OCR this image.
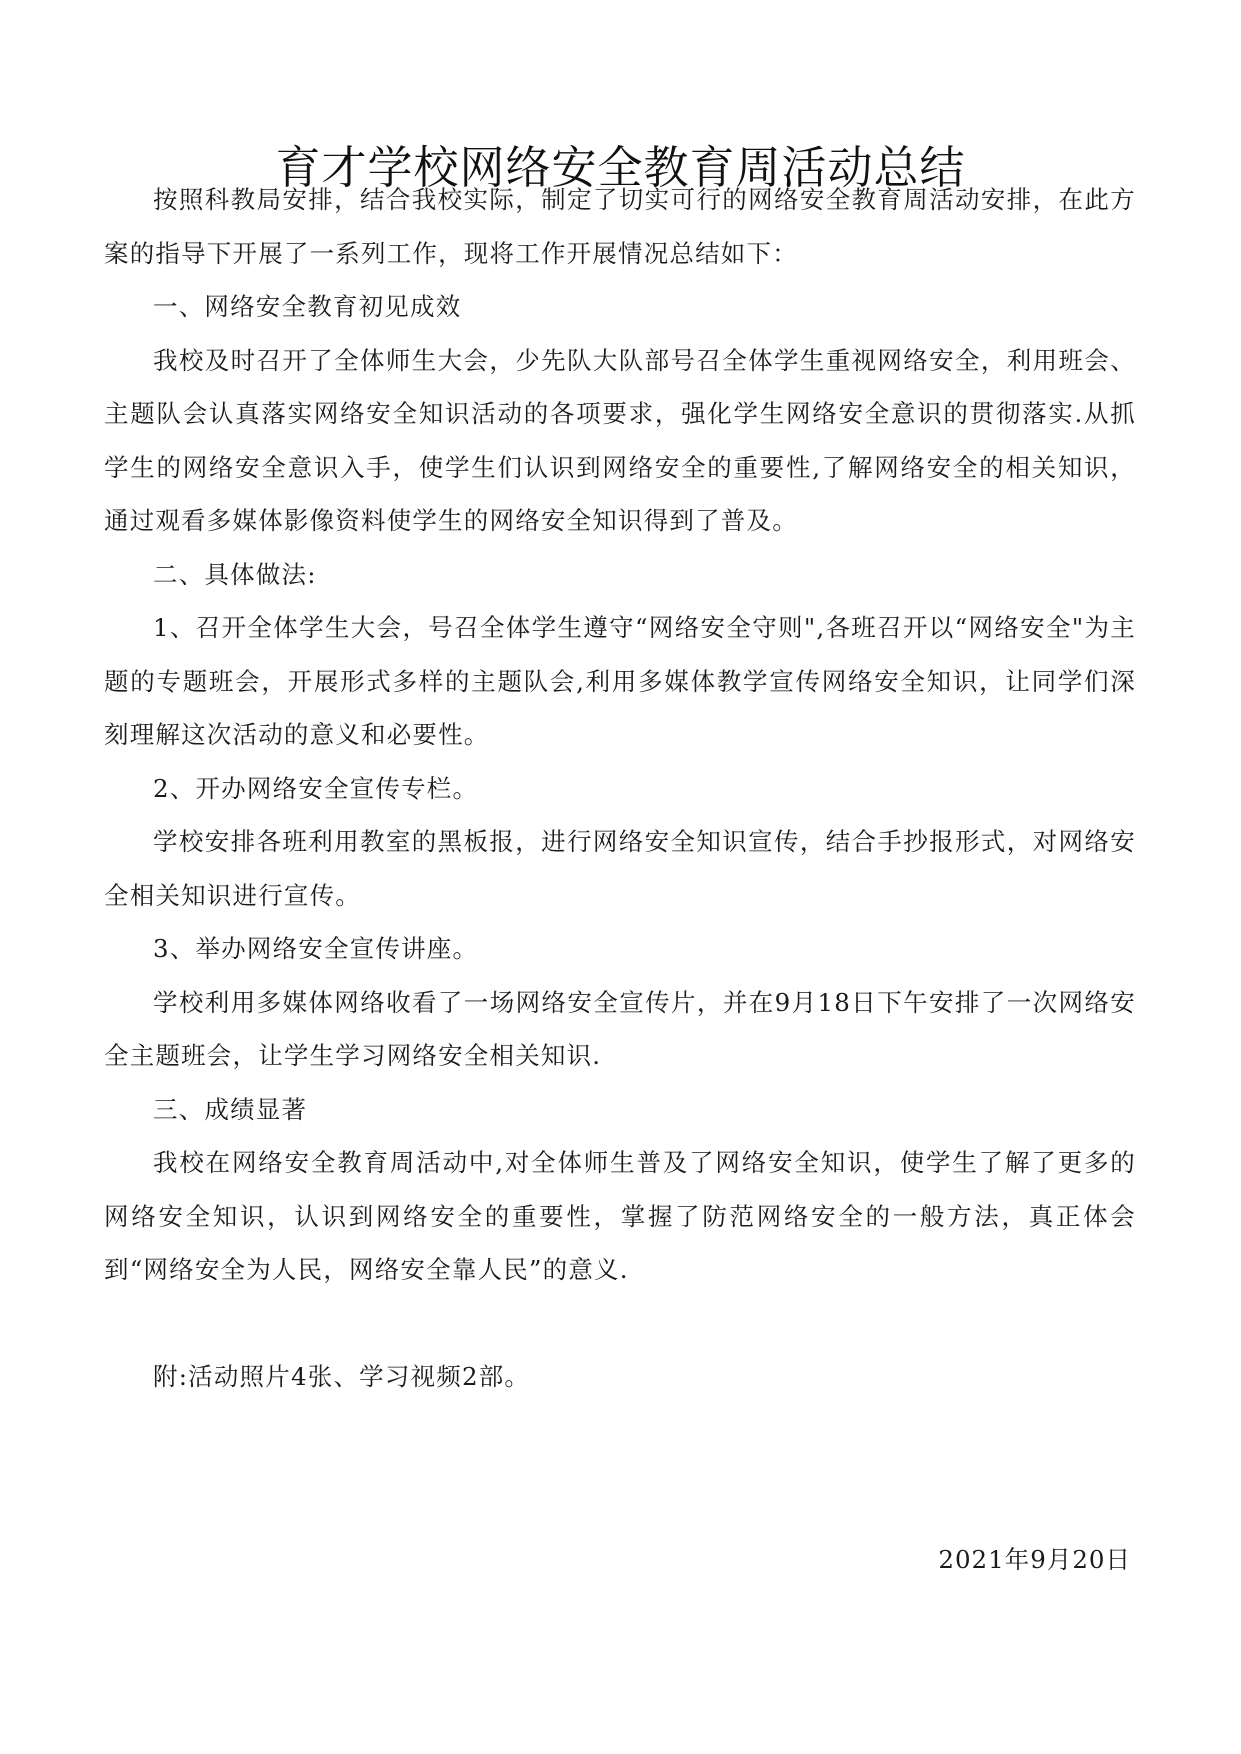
育才学校网络安全教育周活动总结

按照科教局安排，结合我校实际，制定了切实可行的网络安全教育周活动安排，在此方案的指导下开展了一系列工作，现将工作开展情况总结如下：

一、网络安全教育初见成效

我校及时召开了全体师生大会，少先队大队部号召全体学生重视网络安全，利用班会、主题队会认真落实网络安全知识活动的各项要求，强化学生网络安全意识的贯彻落实.从抓学生的网络安全意识入手，使学生们认识到网络安全的重要性,了解网络安全的相关知识，通过观看多媒体影像资料使学生的网络安全知识得到了普及。

二、具体做法:

1、召开全体学生大会，号召全体学生遵守“网络安全守则",各班召开以“网络安全"为主题的专题班会，开展形式多样的主题队会,利用多媒体教学宣传网络安全知识，让同学们深刻理解这次活动的意义和必要性。

2、开办网络安全宣传专栏。

学校安排各班利用教室的黑板报，进行网络安全知识宣传，结合手抄报形式，对网络安全相关知识进行宣传。

3、举办网络安全宣传讲座。

学校利用多媒体网络收看了一场网络安全宣传片，并在9月18日下午安排了一次网络安全主题班会，让学生学习网络安全相关知识.

三、成绩显著

我校在网络安全教育周活动中,对全体师生普及了网络安全知识，使学生了解了更多的网络安全知识，认识到网络安全的重要性，掌握了防范网络安全的一般方法，真正体会到“网络安全为人民，网络安全靠人民”的意义.

附:活动照片4张、学习视频2部。

2021年9月20日
